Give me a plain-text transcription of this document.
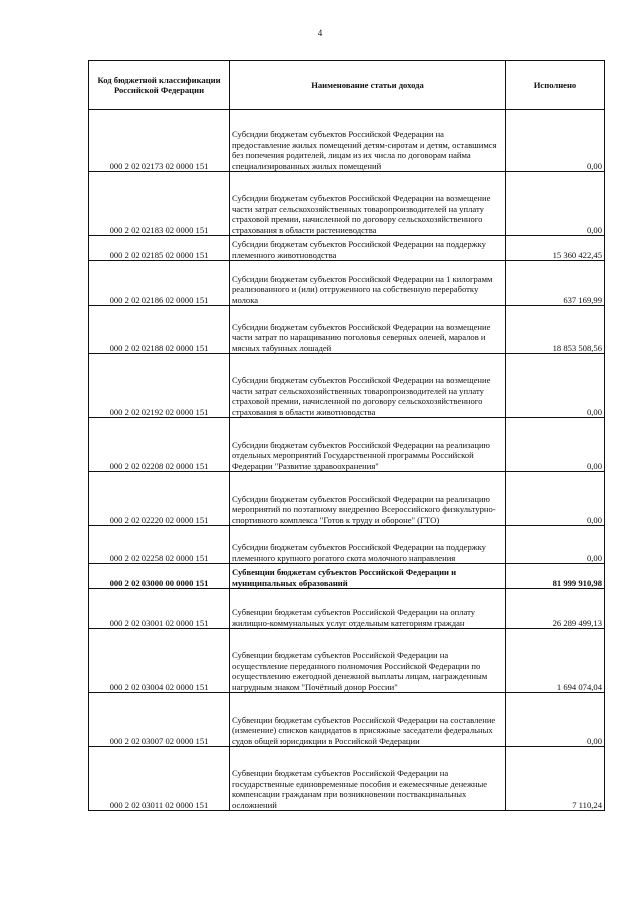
4
Код бюджетной классификации Российской Федерации	Наименование статьи дохода	Исполнено
000 2 02 02173 02 0000 151	Субсидии бюджетам субъектов Российской Федерации на предоставление жилых помещений детям-сиротам и детям, оставшимся без попечения родителей, лицам из их числа по договорам найма специализированных жилых помещений	0,00
000 2 02 02183 02 0000 151	Субсидии бюджетам субъектов Российской Федерации на возмещение части затрат сельскохозяйственных товаропроизводителей на уплату страховой премии, начисленной по договору сельскохозяйственного страхования в области растениеводства	0,00
000 2 02 02185 02 0000 151	Субсидии бюджетам субъектов Российской Федерации на поддержку племенного животноводства	15 360 422,45
000 2 02 02186 02 0000 151	Субсидии бюджетам субъектов Российской Федерации на 1 килограмм реализованного и (или) отгруженного на собственную переработку молока	637 169,99
000 2 02 02188 02 0000 151	Субсидии бюджетам субъектов Российской Федерации на возмещение части затрат по наращиванию поголовья северных оленей, маралов и мясных табунных лошадей	18 853 508,56
000 2 02 02192 02 0000 151	Субсидии бюджетам субъектов Российской Федерации на возмещение части затрат сельскохозяйственных товаропроизводителей на уплату страховой премии, начисленной по договору сельскохозяйственного страхования в области животноводства	0,00
000 2 02 02208 02 0000 151	Субсидии бюджетам субъектов Российской Федерации на реализацию отдельных мероприятий Государственной программы Российской Федерации "Развитие здравоохранения"	0,00
000 2 02 02220 02 0000 151	Субсидии бюджетам субъектов Российской Федерации на реализацию мероприятий по поэтапному внедрению Всероссийского физкультурно-спортивного комплекса "Готов к труду и обороне" (ГТО)	0,00
000 2 02 02258 02 0000 151	Субсидии бюджетам субъектов Российской Федерации на поддержку племенного крупного рогатого скота молочного направления	0,00
000 2 02 03000 00 0000 151	Субвенции бюджетам субъектов Российской Федерации и муниципальных образований	81 999 910,98
000 2 02 03001 02 0000 151	Субвенции бюджетам субъектов Российской Федерации на оплату жилищно-коммунальных услуг отдельным категориям граждан	26 289 499,13
000 2 02 03004 02 0000 151	Субвенции бюджетам субъектов Российской Федерации на осуществление переданного полномочия Российской Федерации по осуществлению ежегодной денежной выплаты лицам, награжденным нагрудным знаком "Почётный донор России"	1 694 074,04
000 2 02 03007 02 0000 151	Субвенции бюджетам субъектов Российской Федерации на составление (изменение) списков кандидатов в присяжные заседатели федеральных судов общей юрисдикции в Российской Федерации	0,00
000 2 02 03011 02 0000 151	Субвенции бюджетам субъектов Российской Федерации на государственные единовременные пособия и ежемесячные денежные компенсации гражданам при возникновении поствакцинальных осложнений	7 110,24
